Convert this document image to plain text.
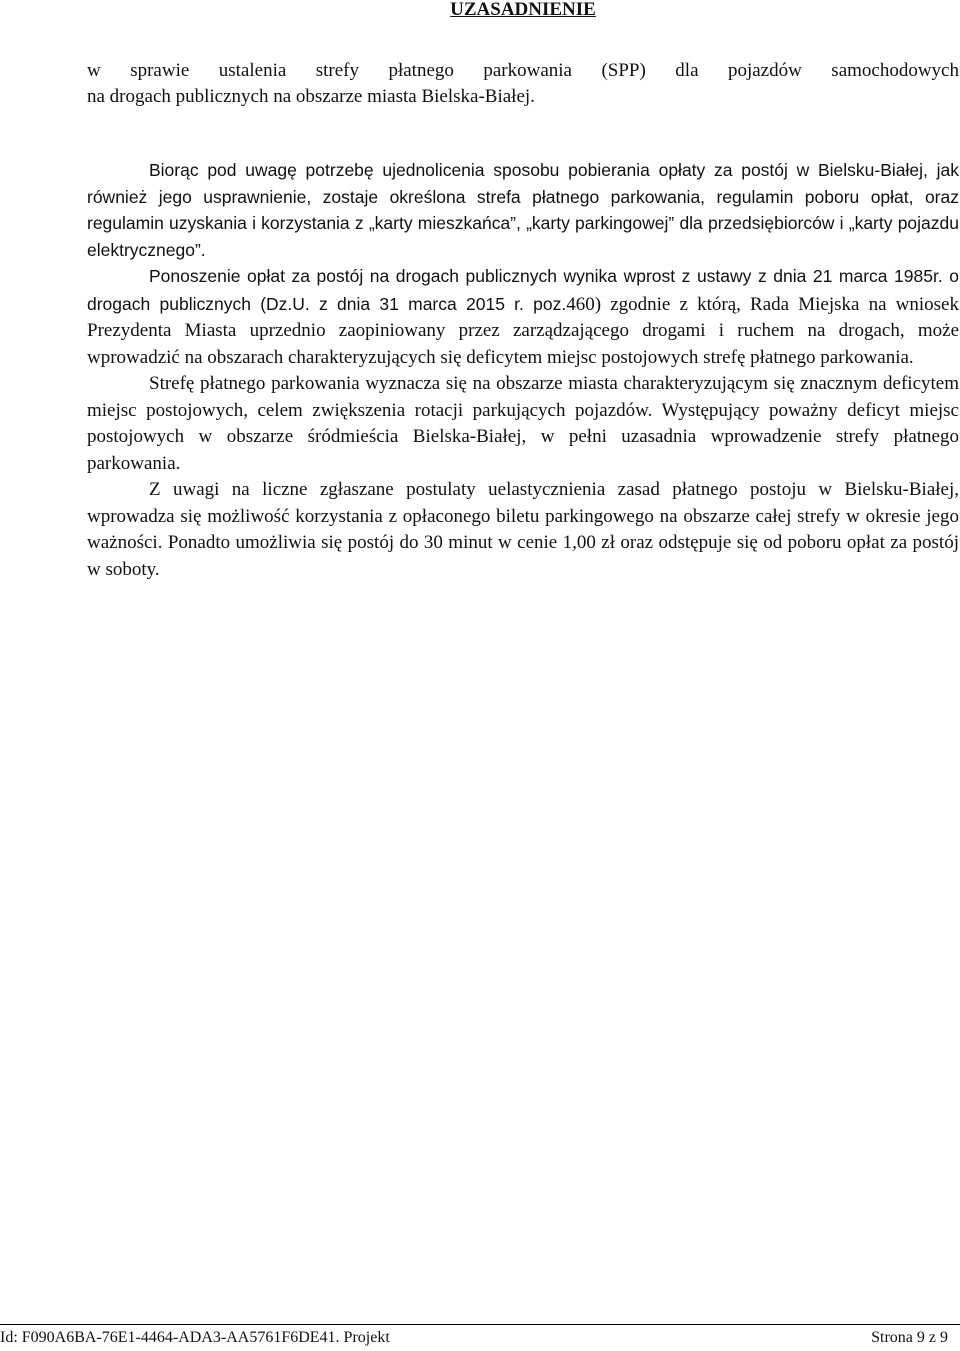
UZASADNIENIE
w sprawie ustalenia strefy płatnego parkowania (SPP) dla pojazdów samochodowych
na drogach publicznych na obszarze miasta Bielska-Białej.

Biorąc pod uwagę potrzebę ujednolicenia sposobu pobierania opłaty za postój w Bielsku-Białej, jak również jego usprawnienie, zostaje określona strefa płatnego parkowania, regulamin poboru opłat, oraz regulamin uzyskania i korzystania z „karty mieszkańca”, „karty parkingowej” dla przedsiębiorców i „karty pojazdu elektrycznego”.

Ponoszenie opłat za postój na drogach publicznych wynika wprost z ustawy z dnia 21 marca 1985r. o drogach publicznych (Dz.U. z dnia 31 marca 2015 r. poz.460) zgodnie z którą, Rada Miejska na wniosek Prezydenta Miasta uprzednio zaopiniowany przez zarządzającego drogami i ruchem na drogach, może wprowadzić na obszarach charakteryzujących się deficytem miejsc postojowych strefę płatnego parkowania.

Strefę płatnego parkowania wyznacza się na obszarze miasta charakteryzującym się znacznym deficytem miejsc postojowych, celem zwiększenia rotacji parkujących pojazdów. Występujący poważny deficyt miejsc postojowych w obszarze śródmieścia Bielska-Białej, w pełni uzasadnia wprowadzenie strefy płatnego parkowania.

Z uwagi na liczne zgłaszane postulaty uelastycznienia zasad płatnego postoju w Bielsku-Białej, wprowadza się możliwość korzystania z opłaconego biletu parkingowego na obszarze całej strefy w okresie jego ważności. Ponadto umożliwia się postój do 30 minut w cenie 1,00 zł oraz odstępuje się od poboru opłat za postój w soboty.

Id: F090A6BA-76E1-4464-ADA3-AA5761F6DE41. Projekt	Strona 9 z 9
